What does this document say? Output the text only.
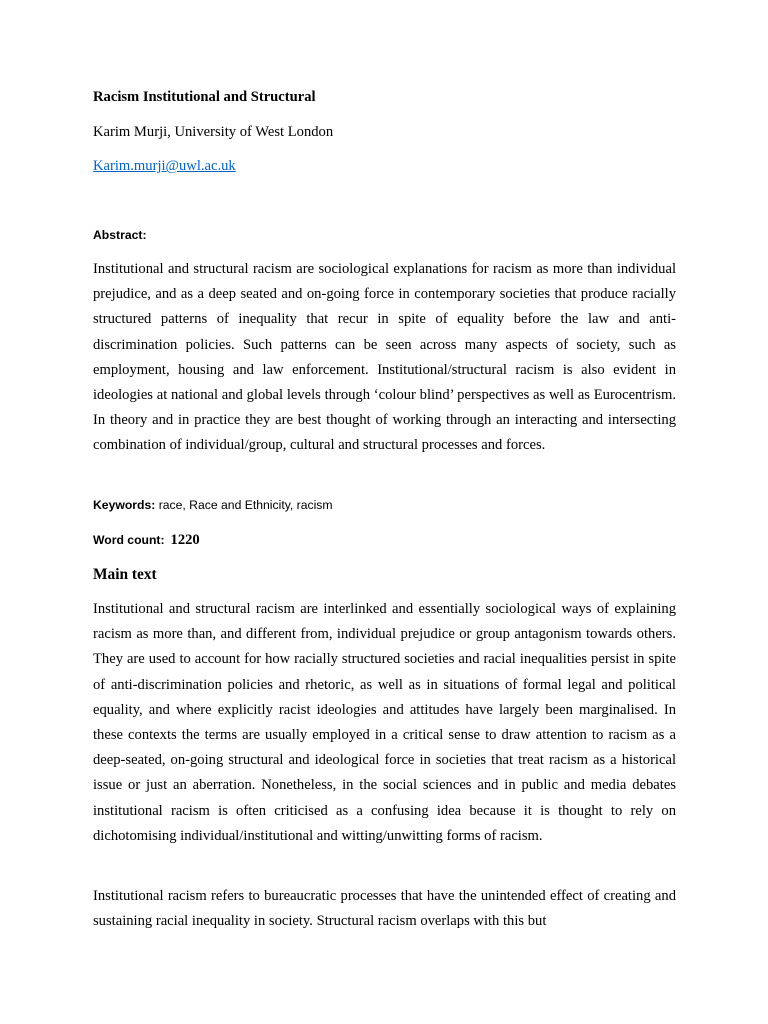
Racism Institutional and Structural
Karim Murji, University of West London
Karim.murji@uwl.ac.uk
Abstract:

Institutional and structural racism are sociological explanations for racism as more than individual prejudice, and as a deep seated and on-going force in contemporary societies that produce racially structured patterns of inequality that recur in spite of equality before the law and anti-discrimination policies. Such patterns can be seen across many aspects of society, such as employment, housing and law enforcement. Institutional/structural racism is also evident in ideologies at national and global levels through ‘colour blind’ perspectives as well as Eurocentrism. In theory and in practice they are best thought of working through an interacting and intersecting combination of individual/group, cultural and structural processes and forces.

Keywords: race, Race and Ethnicity, racism
Word count: 1220
Main text

Institutional and structural racism are interlinked and essentially sociological ways of explaining racism as more than, and different from, individual prejudice or group antagonism towards others. They are used to account for how racially structured societies and racial inequalities persist in spite of anti-discrimination policies and rhetoric, as well as in situations of formal legal and political equality, and where explicitly racist ideologies and attitudes have largely been marginalised. In these contexts the terms are usually employed in a critical sense to draw attention to racism as a deep-seated, on-going structural and ideological force in societies that treat racism as a historical issue or just an aberration. Nonetheless, in the social sciences and in public and media debates institutional racism is often criticised as a confusing idea because it is thought to rely on dichotomising individual/institutional and witting/unwitting forms of racism.

Institutional racism refers to bureaucratic processes that have the unintended effect of creating and sustaining racial inequality in society. Structural racism overlaps with this but
